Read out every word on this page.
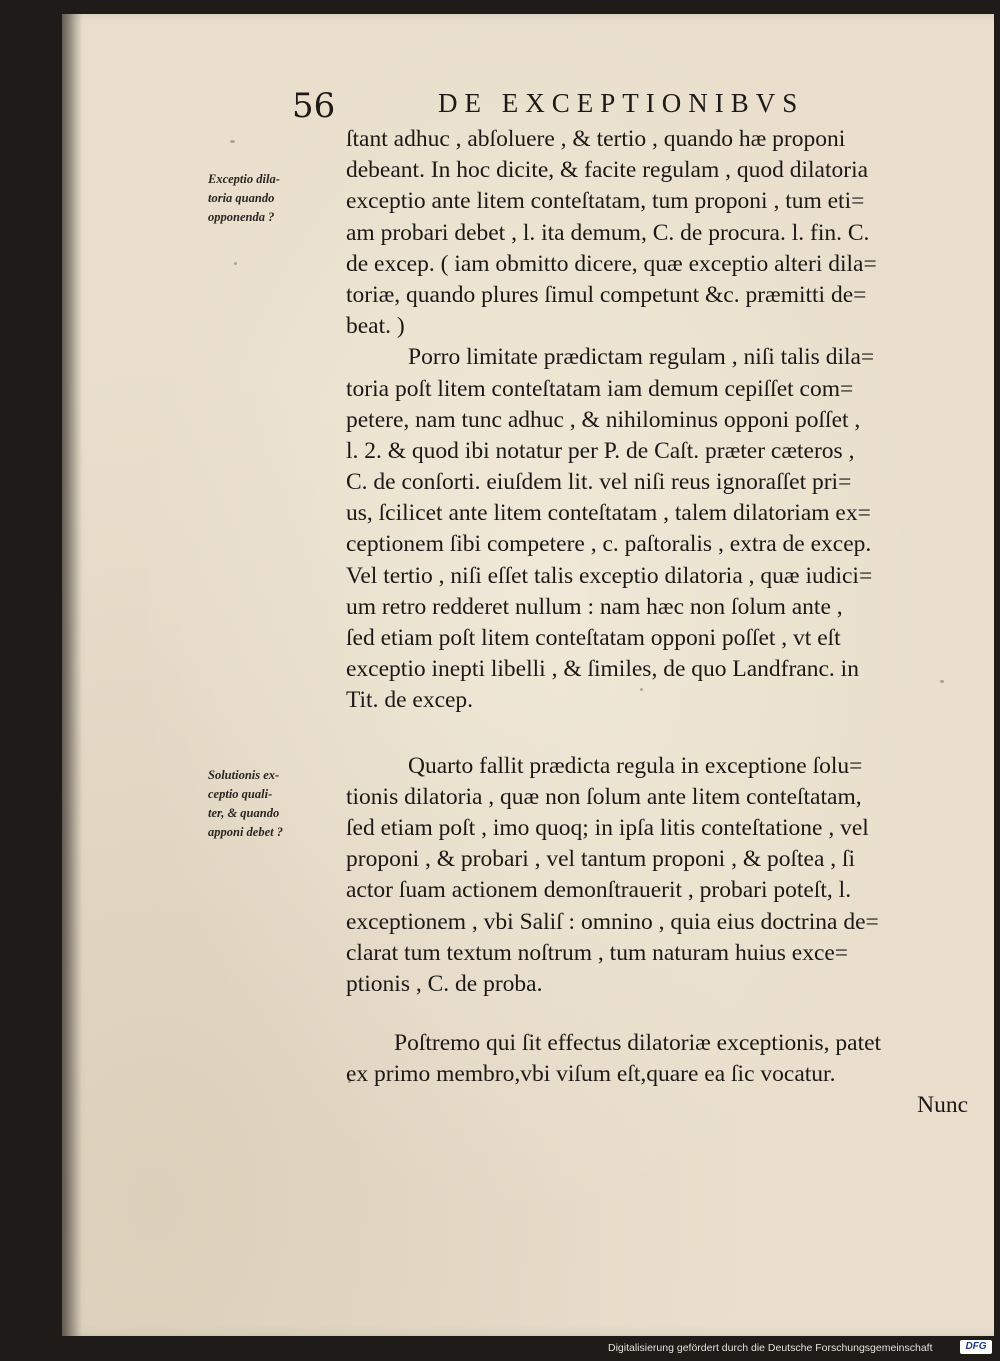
56	DE EXCEPTIONIBVS
Exceptio dila-
toria quando
opponenda ?
Solutionis ex-
ceptio quali-
ter, & quando
apponi debet ?
ſtant adhuc , abſoluere , & tertio , quando hæ proponi
debeant. In hoc dicite, & facite regulam , quod dilatoria
exceptio ante litem conteſtatam, tum proponi , tum eti=
am probari debet , l. ita demum, C. de procura. l. fin. C.
de excep. ( iam obmitto dicere, quæ exceptio alteri dila=
toriæ, quando plures ſimul competunt &c. præmitti de=
beat. )
Porro limitate prædictam regulam , niſi talis dila=
toria poſt litem conteſtatam iam demum cepiſſet com=
petere, nam tunc adhuc , & nihilominus opponi poſſet ,
l. 2. & quod ibi notatur per P. de Caſt. præter cæteros ,
C. de conſorti. eiuſdem lit. vel niſi reus ignoraſſet pri=
us, ſcilicet ante litem conteſtatam , talem dilatoriam ex=
ceptionem ſibi competere , c. paſtoralis , extra de excep.
Vel tertio , niſi eſſet talis exceptio dilatoria , quæ iudici=
um retro redderet nullum : nam hæc non ſolum ante ,
ſed etiam poſt litem conteſtatam opponi poſſet , vt eſt
exceptio inepti libelli , & ſimiles, de quo Landfranc. in
Tit. de excep.
Quarto fallit prædicta regula in exceptione ſolu=
tionis dilatoria , quæ non ſolum ante litem conteſtatam,
ſed etiam poſt , imo quoq; in ipſa litis conteſtatione , vel
proponi , & probari , vel tantum proponi , & poſtea , ſi
actor ſuam actionem demonſtrauerit , probari poteſt, l.
exceptionem , vbi Saliſ : omnino , quia eius doctrina de=
clarat tum textum noſtrum , tum naturam huius exce=
ptionis , C. de proba.
Poſtremo qui ſit effectus dilatoriæ exceptionis, patet
ex primo membro,vbi viſum eſt,quare ea ſic vocatur.
Nunc
Digitalisierung gefördert durch die Deutsche Forschungsgemeinschaft	DFG
